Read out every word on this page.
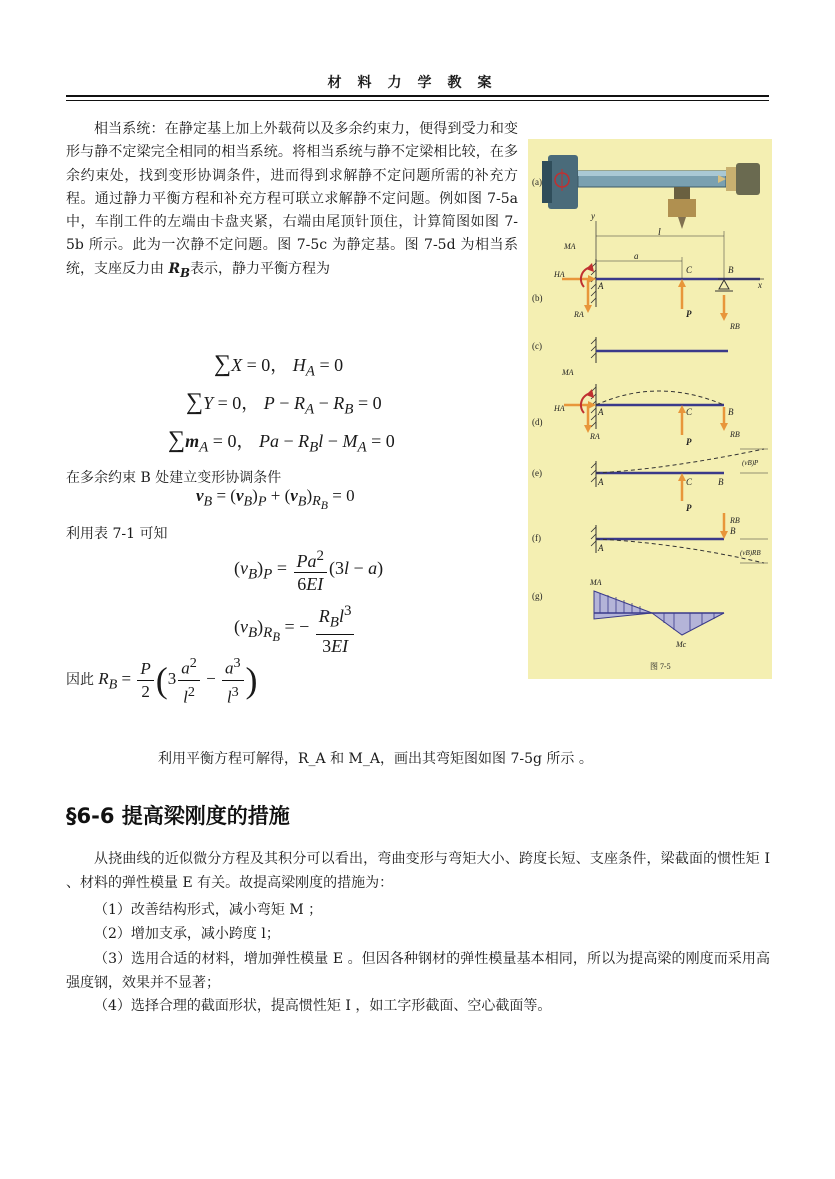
材料力学教案
相当系统：在静定基上加上外载荷以及多余约束力，便得到受力和变形与静不定梁完全相同的相当系统。将相当系统与静不定梁相比较，在多余约束处，找到变形协调条件，进而得到求解静不定问题所需的补充方程。通过静力平衡方程和补充方程可联立求解静不定问题。例如图 7-5a 中，车削工件的左端由卡盘夹紧，右端由尾顶针顶住，计算简图如图 7-5b 所示。此为一次静不定问题。图 7-5c 为静定基。图 7-5d 为相当系统，支座反力由 $R_B$表示，静力平衡方程为
∑X = 0， $H_A = 0$
∑Y = 0， $P - R_A - R_B = 0$
$\sum m_A = 0$， $Pa - R_Bl - M_A = 0$
在多余约束 B 处建立变形协调条件
$v_B = (v_B)_P + (v_B)_{R_B} = 0$
利用表 7-1 可知
$(v_B)_P = \frac{Pa^2}{6EI} (3l - a)$
$(v_B)_{R_B}$ = − $\frac{R_Bl^3}{3EI}$
因此 $R_B = \frac{P}{2} (3 \frac{a^2}{l^2} - \frac{a^3}{l^3}$ )
(a)
(b)
y
l
a
C	B
A	x
MA
HA
RA	P
RB
(c)
(d)
MA
HA	A
RA
C
P
B
RB
(e)
A	C	B
P
(vB)P
(f)
RB
B
A	(vB)RB
(g)
MA
Mc
图 7-5
利用平衡方程可解得，R_A 和 M_A，画出其弯矩图如图 7-5g 所示 。
§6-6 提高梁刚度的措施
从挠曲线的近似微分方程及其积分可以看出，弯曲变形与弯矩大小、跨度长短、支座条件，梁截面的惯性矩 I 、材料的弹性模量 E 有关。故提高梁刚度的措施为：
（1）改善结构形式，减小弯矩 M ；
（2）增加支承，减小跨度 l；
（3）选用合适的材料，增加弹性模量 E 。但因各种钢材的弹性模量基本相同，所以为提高梁的刚度而采用高强度钢，效果并不显著；
（4）选择合理的截面形状，提高惯性矩 I ，如工字形截面、空心截面等。
